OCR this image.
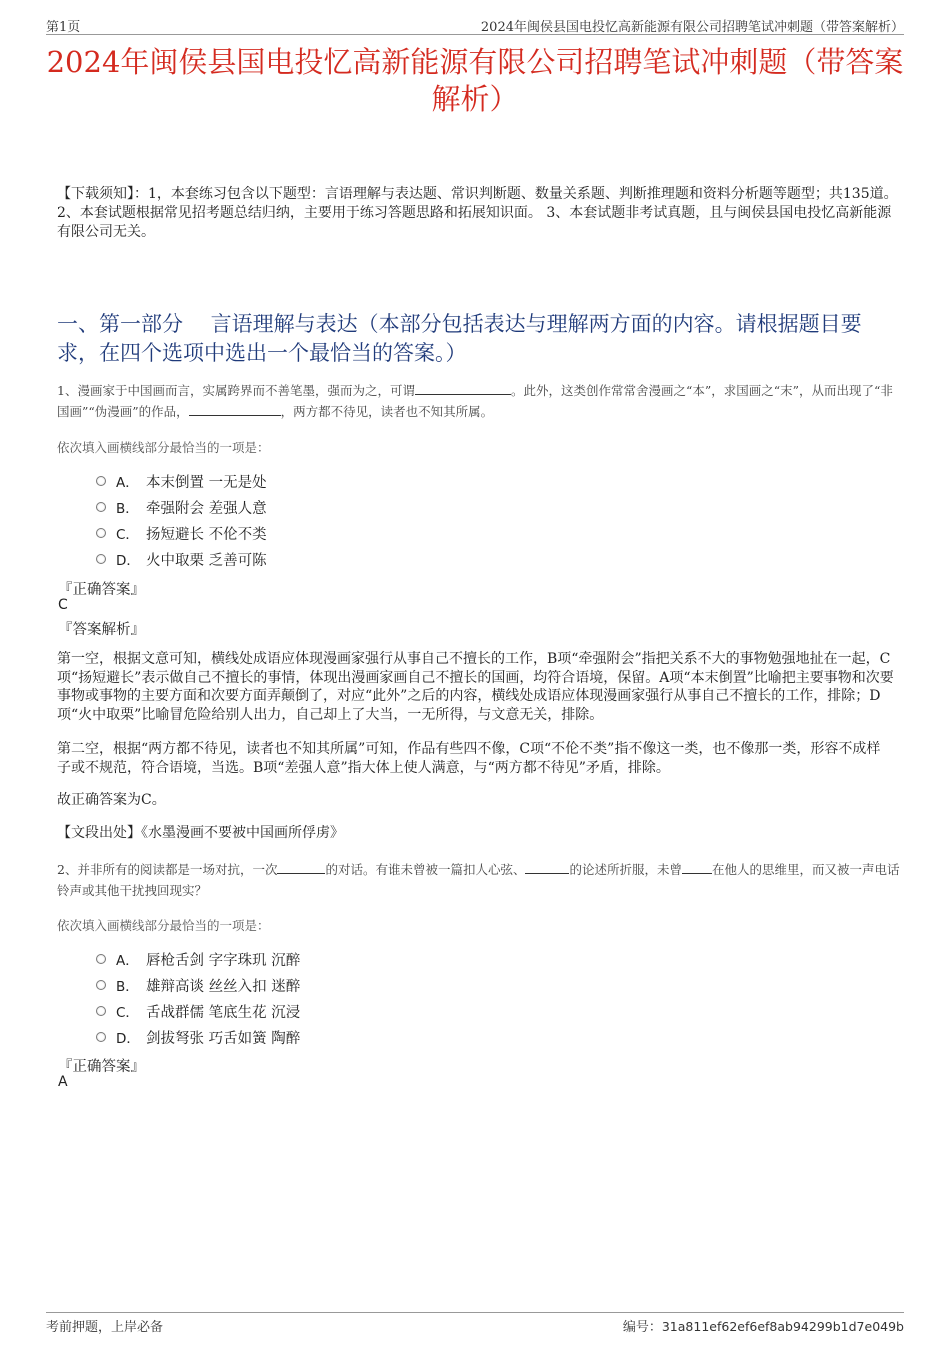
第1页	2024年闽侯县国电投忆高新能源有限公司招聘笔试冲刺题（带答案解析）
2024年闽侯县国电投忆高新能源有限公司招聘笔试冲刺题（带答案解析）
【下载须知】：1，本套练习包含以下题型：言语理解与表达题、常识判断题、数量关系题、判断推理题和资料分析题等题型；共135道。 2、本套试题根据常见招考题总结归纳，主要用于练习答题思路和拓展知识面。 3、本套试题非考试真题，且与闽侯县国电投忆高新能源有限公司无关。
一、第一部分　 言语理解与表达（本部分包括表达与理解两方面的内容。请根据题目要求，在四个选项中选出一个最恰当的答案。）
1、漫画家于中国画而言，实属跨界而不善笔墨，强而为之，可谓	。此外，这类创作常常舍漫画之“本”，求国画之“末”，从而出现了“非国画”“伪漫画”的作品，	，两方都不待见，读者也不知其所属。
依次填入画横线部分最恰当的一项是：
A． 本末倒置 一无是处
B． 牵强附会 差强人意
C． 扬短避长 不伦不类
D． 火中取栗 乏善可陈
『正确答案』
C
『答案解析』
第一空，根据文意可知，横线处成语应体现漫画家强行从事自己不擅长的工作，B项“牵强附会”指把关系不大的事物勉强地扯在一起，C项“扬短避长”表示做自己不擅长的事情，体现出漫画家画自己不擅长的国画，均符合语境，保留。A项“本末倒置”比喻把主要事物和次要事物或事物的主要方面和次要方面弄颠倒了，对应“此外”之后的内容，横线处成语应体现漫画家强行从事自己不擅长的工作，排除；D项“火中取栗”比喻冒危险给别人出力，自己却上了大当，一无所得，与文意无关，排除。
第二空，根据“两方都不待见，读者也不知其所属”可知，作品有些四不像，C项“不伦不类”指不像这一类，也不像那一类，形容不成样子或不规范，符合语境，当选。B项“差强人意”指大体上使人满意，与“两方都不待见”矛盾，排除。
故正确答案为C。
【文段出处】《水墨漫画不要被中国画所俘虏》
2、并非所有的阅读都是一场对抗，一次	的对话。有谁未曾被一篇扣人心弦、	的论述所折服，未曾 在他人的思维里，而又被一声电话铃声或其他干扰拽回现实？
依次填入画横线部分最恰当的一项是：
A． 唇枪舌剑 字字珠玑 沉醉
B． 雄辩高谈 丝丝入扣 迷醉
C． 舌战群儒 笔底生花 沉浸
D． 剑拔弩张 巧舌如簧 陶醉
『正确答案』
A
考前押题，上岸必备	编号：31a811ef62ef6ef8ab94299b1d7e049b
